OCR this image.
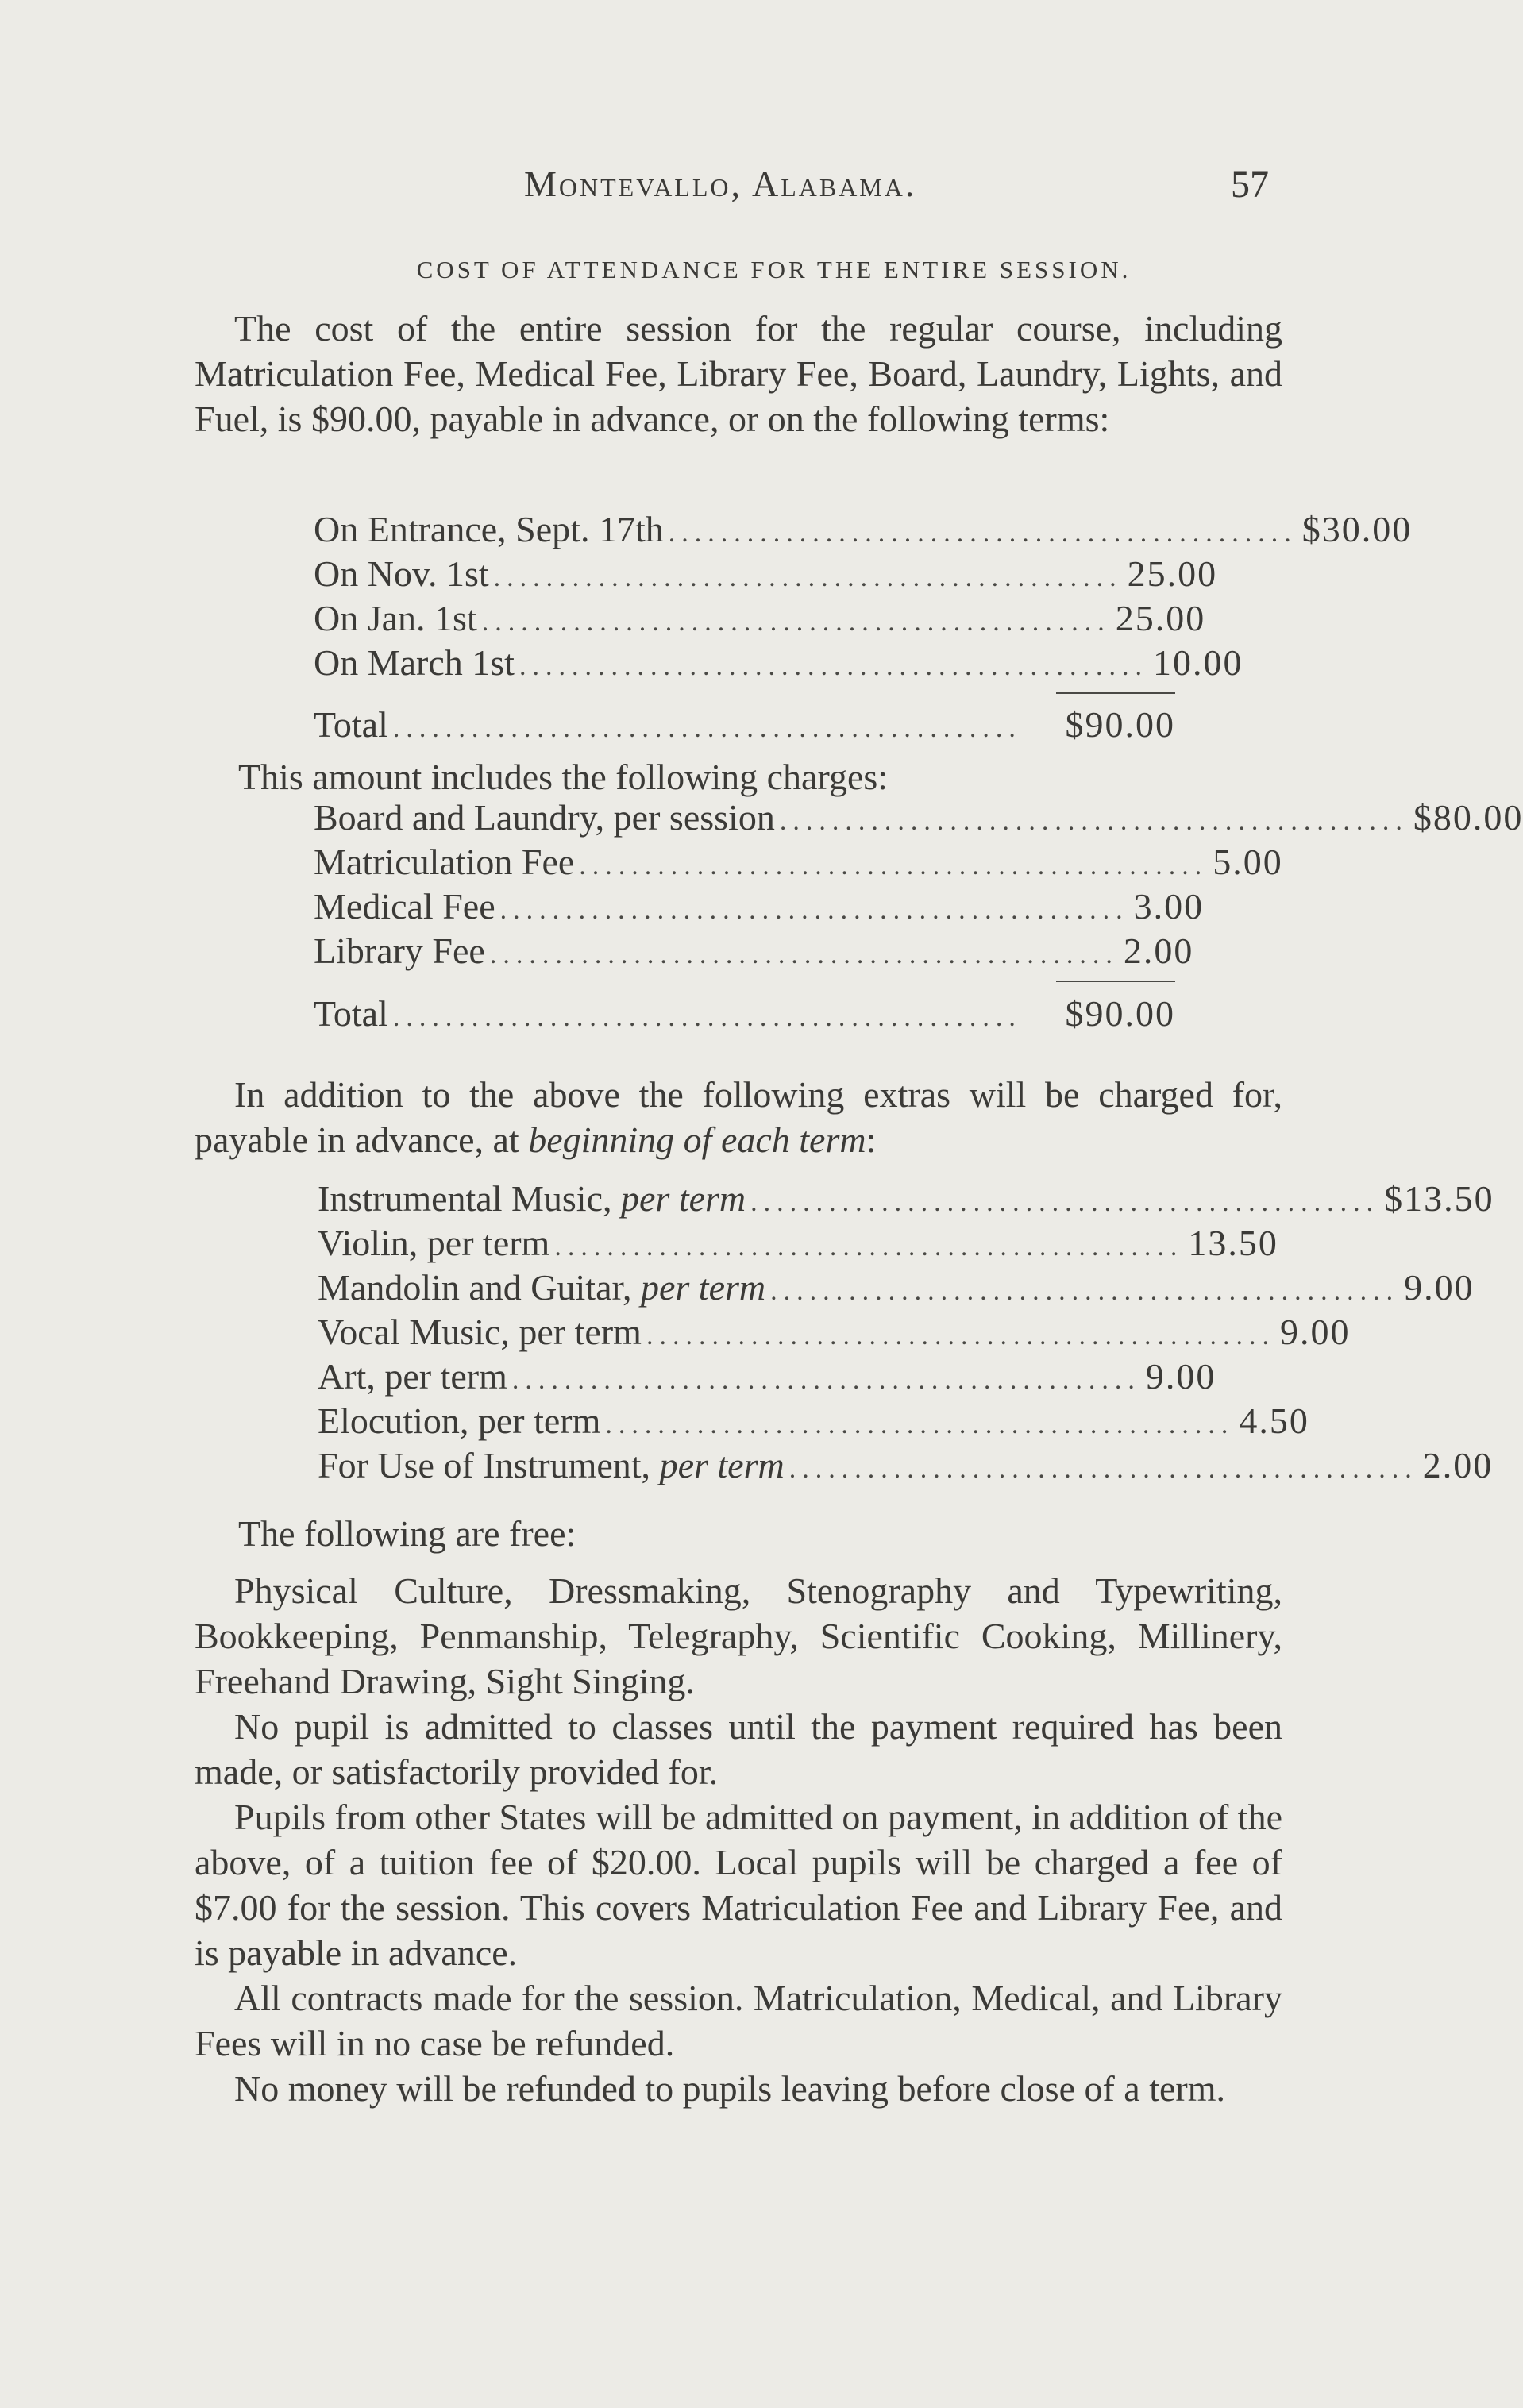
Montevallo, Alabama.	57
COST OF ATTENDANCE FOR THE ENTIRE SESSION.

The cost of the entire session for the regular course, including Matriculation Fee, Medical Fee, Library Fee, Board, Laundry, Lights, and Fuel, is $90.00, payable in advance, or on the following terms:

On Entrance, Sept. 17th ................................................ $30.00
On Nov. 1st ................................................ 25.00
On Jan. 1st ................................................ 25.00
On March 1st ................................................ 10.00
Total ................................................	$90.00

This amount includes the following charges:

Board and Laundry, per session ................................................ $80.00
Matriculation Fee ................................................ 5.00
Medical Fee ................................................ 3.00
Library Fee ................................................ 2.00
Total ................................................	$90.00

In addition to the above the following extras will be charged for, payable in advance, at beginning of each term:

Instrumental Music, per term ................................................ $13.50
Violin, per term ................................................ 13.50
Mandolin and Guitar, per term ................................................ 9.00
Vocal Music, per term ................................................ 9.00
Art, per term ................................................ 9.00
Elocution, per term ................................................ 4.50
For Use of Instrument, per term ................................................ 2.00

The following are free:

Physical Culture, Dressmaking, Stenography and Typewriting, Bookkeeping, Penmanship, Telegraphy, Scientific Cooking, Millinery, Freehand Drawing, Sight Singing.

No pupil is admitted to classes until the payment required has been made, or satisfactorily provided for.

Pupils from other States will be admitted on payment, in addition of the above, of a tuition fee of $20.00. Local pupils will be charged a fee of $7.00 for the session. This covers Matriculation Fee and Library Fee, and is payable in advance.

All contracts made for the session. Matriculation, Medical, and Library Fees will in no case be refunded.

No money will be refunded to pupils leaving before close of a term.
